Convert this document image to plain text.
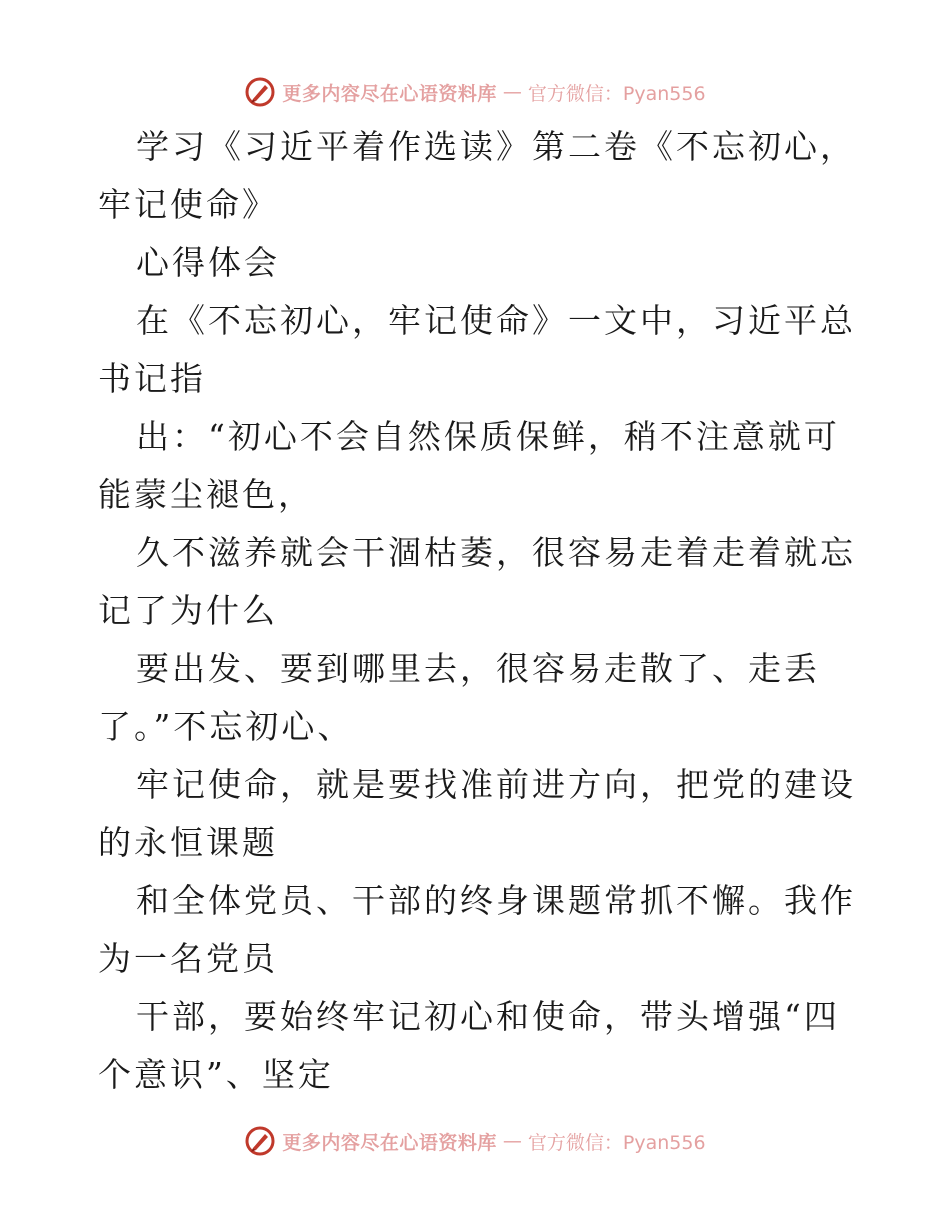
更多内容尽在心语资料库 — 官方微信：Pyan556

学习《习近平着作选读》第二卷《不忘初心，牢记使命》

心得体会

在《不忘初心，牢记使命》一文中，习近平总书记指

出：“初心不会自然保质保鲜，稍不注意就可能蒙尘褪色，

久不滋养就会干涸枯萎，很容易走着走着就忘记了为什么

要出发、要到哪里去，很容易走散了、走丢了。”不忘初心、

牢记使命，就是要找准前进方向，把党的建设的永恒课题

和全体党员、干部的终身课题常抓不懈。我作为一名党员

干部，要始终牢记初心和使命，带头增强“四个意识”、坚定

更多内容尽在心语资料库 — 官方微信：Pyan556
